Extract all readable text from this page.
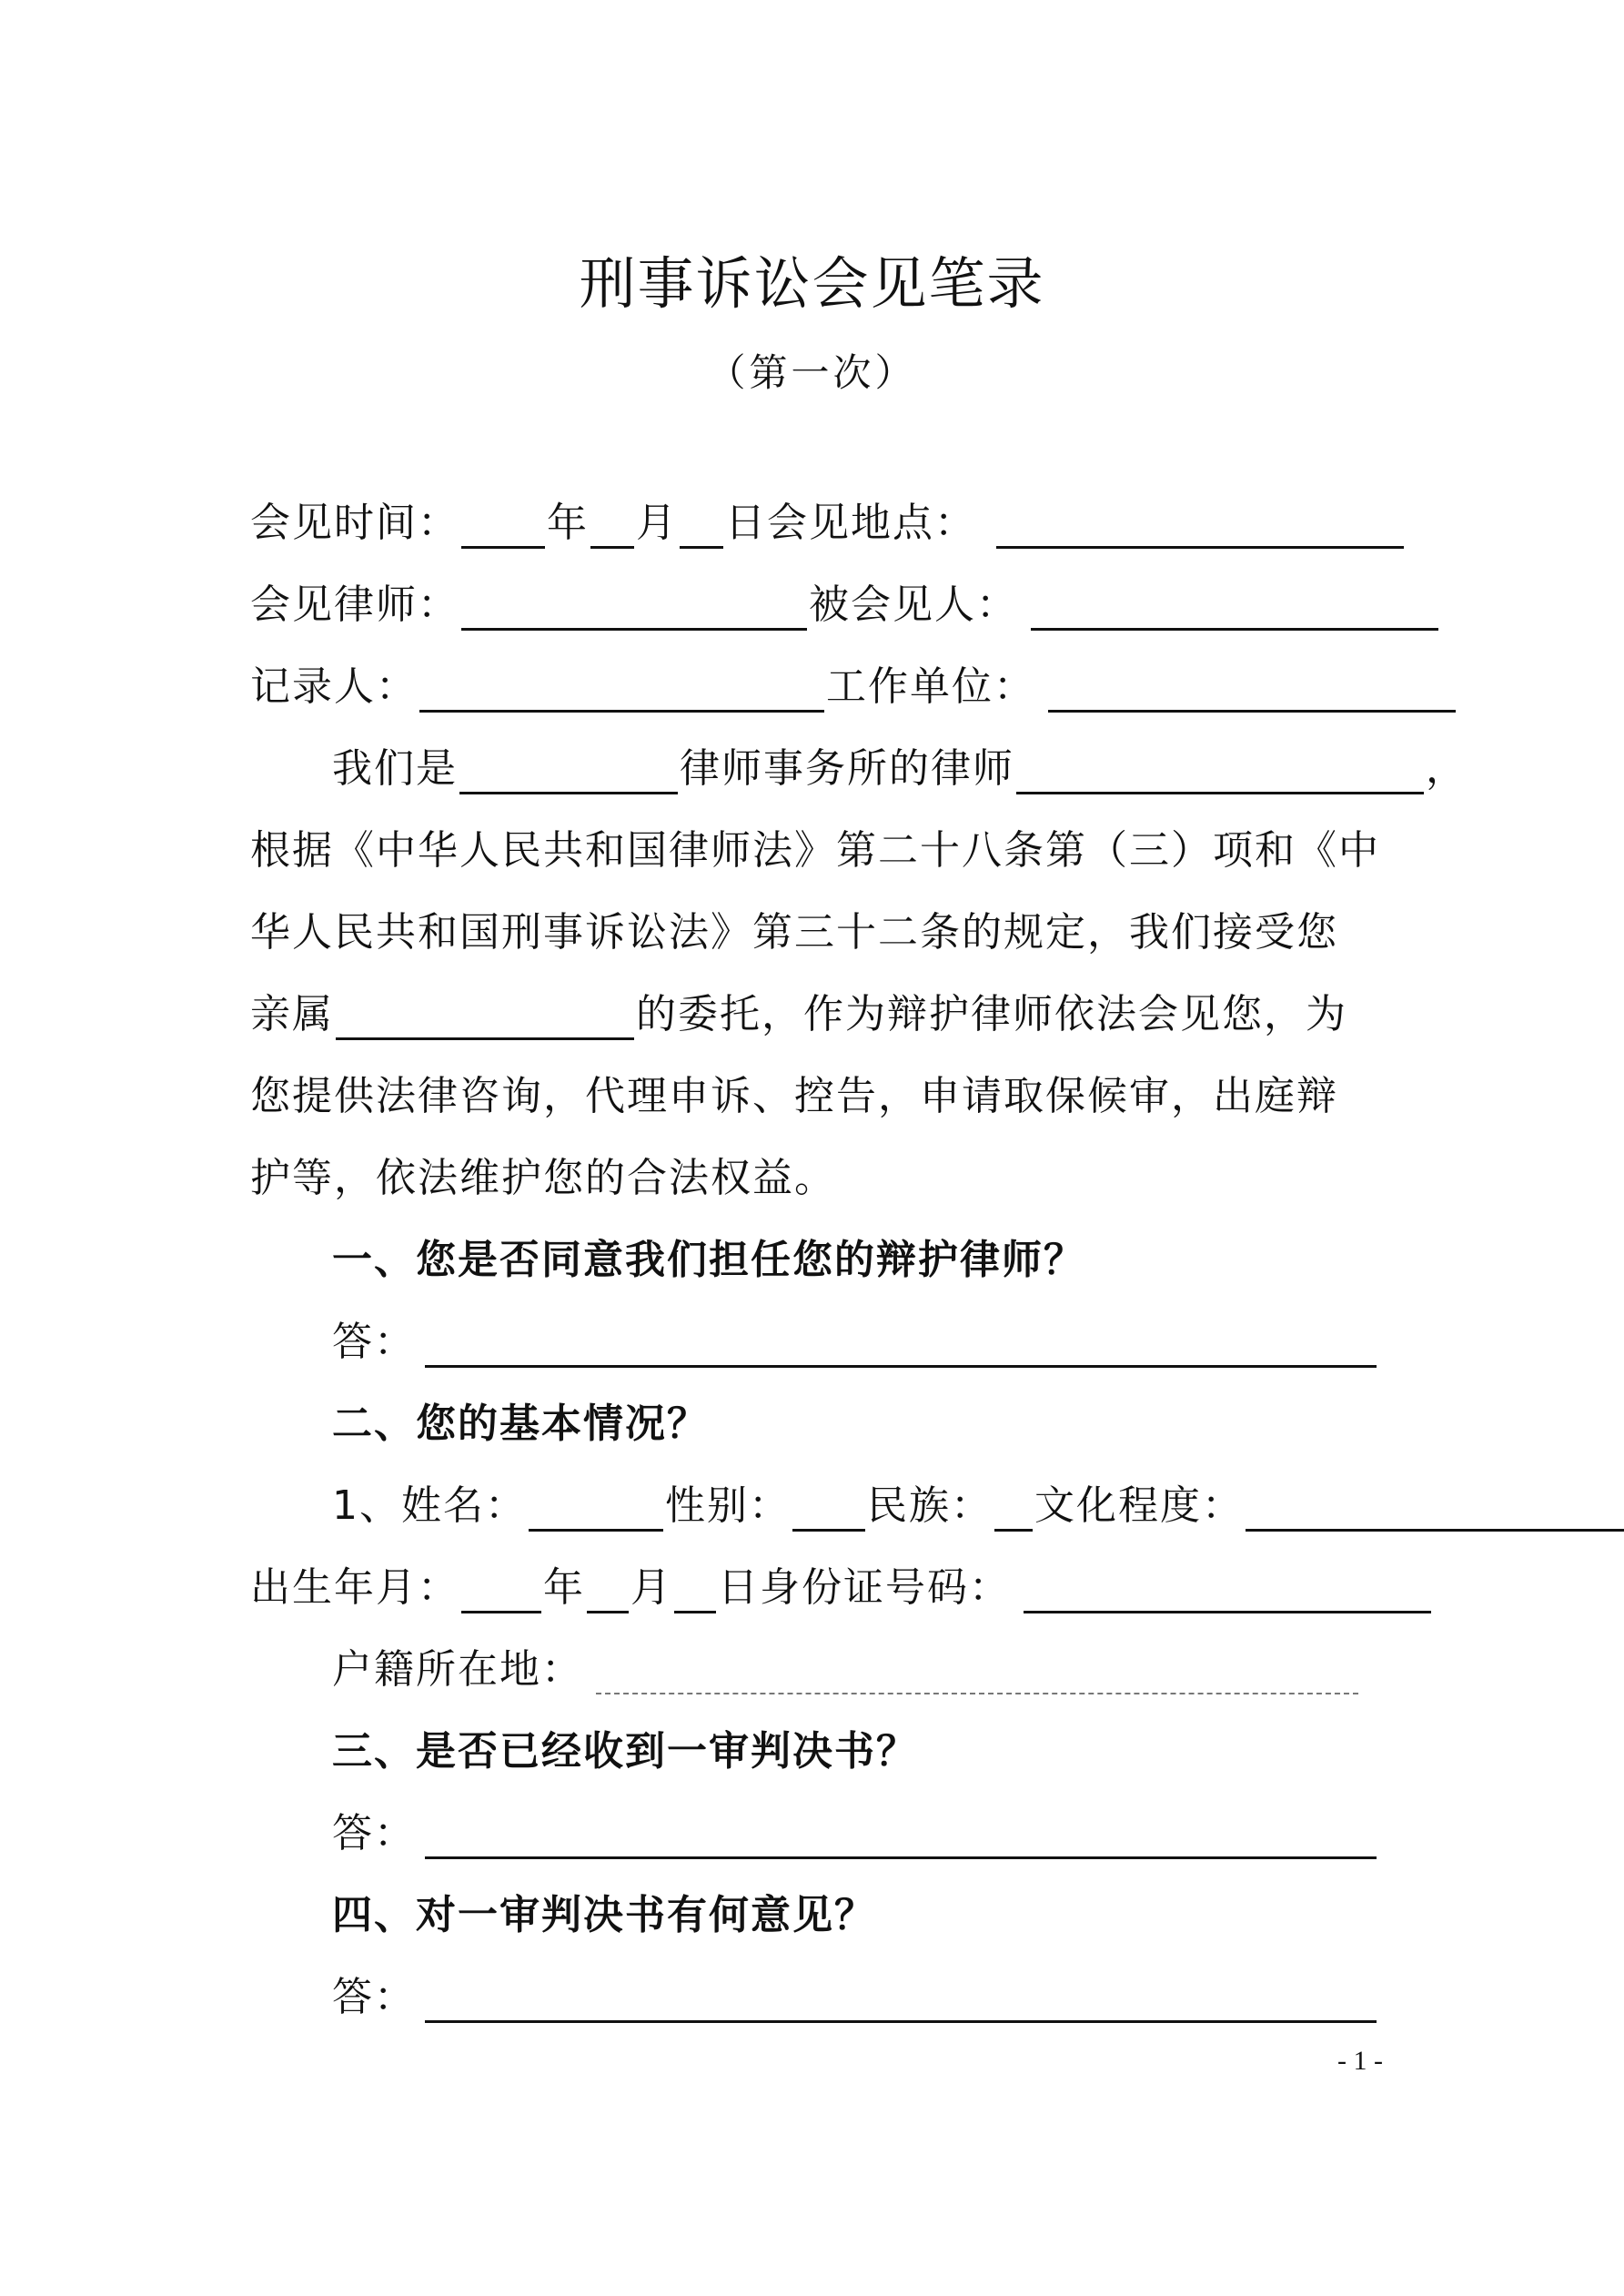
刑事诉讼会见笔录
（第一次）
会见时间： 年 月 日 会见地点：
会见律师：	被会见人：
记录人：	工作单位：
我们是	律师事务所的律师	，
根据《中华人民共和国律师法》第二十八条第（三）项和《中
华人民共和国刑事诉讼法》第三十二条的规定，我们接受您
亲属	的委托，作为辩护律师依法会见您，为
您提供法律咨询，代理申诉、控告，申请取保候审，出庭辩
护等，依法维护您的合法权益。
一、您是否同意我们担任您的辩护律师？
答：
二、您的基本情况？
1、 姓名：	性别： 民族： 文化程度：
出生年月： 年 月 日 身份证号码：
户籍所在地：
三、是否已经收到一审判决书？
答：
四、对一审判决书有何意见？
答：
- 1 -
